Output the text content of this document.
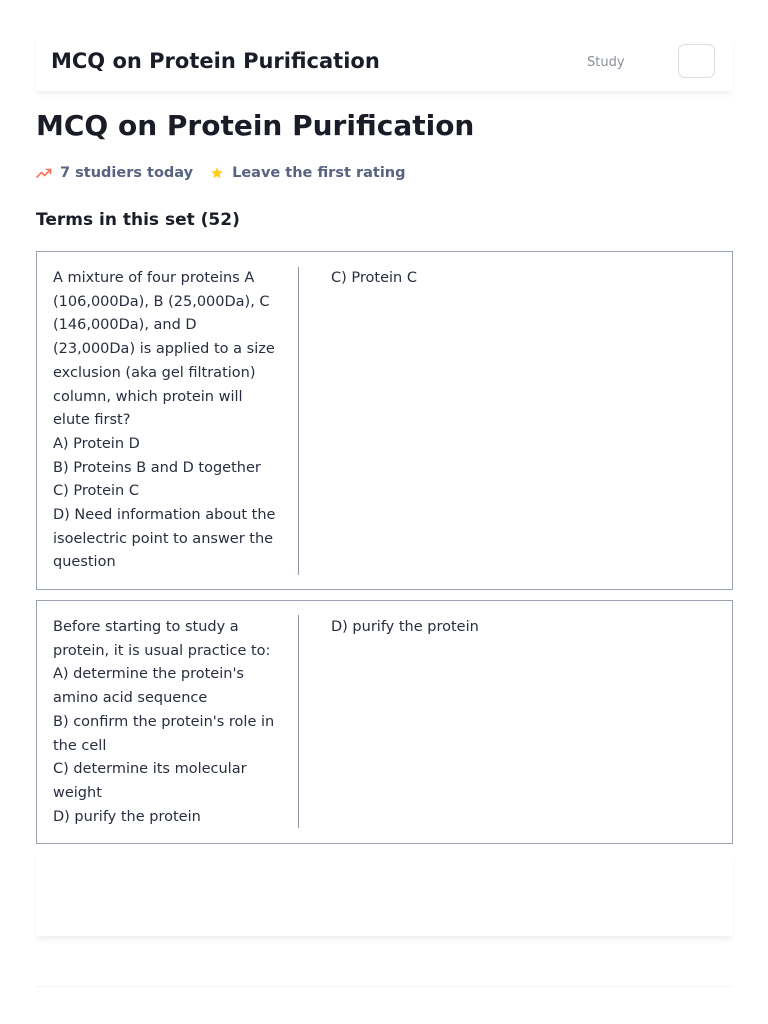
MCQ on Protein Purification	Study
MCQ on Protein Purification
7 studiers today	Leave the first rating
Terms in this set (52)
A mixture of four proteins A (106,000Da), B (25,000Da), C (146,000Da), and D (23,000Da) is applied to a size exclusion (aka gel filtration) column, which protein will elute first?
A) Protein D
B) Proteins B and D together
C) Protein C
D) Need information about the isoelectric point to answer the question
C) Protein C
Before starting to study a protein, it is usual practice to:
A) determine the protein's amino acid sequence
B) confirm the protein's role in the cell
C) determine its molecular weight
D) purify the protein
D) purify the protein
